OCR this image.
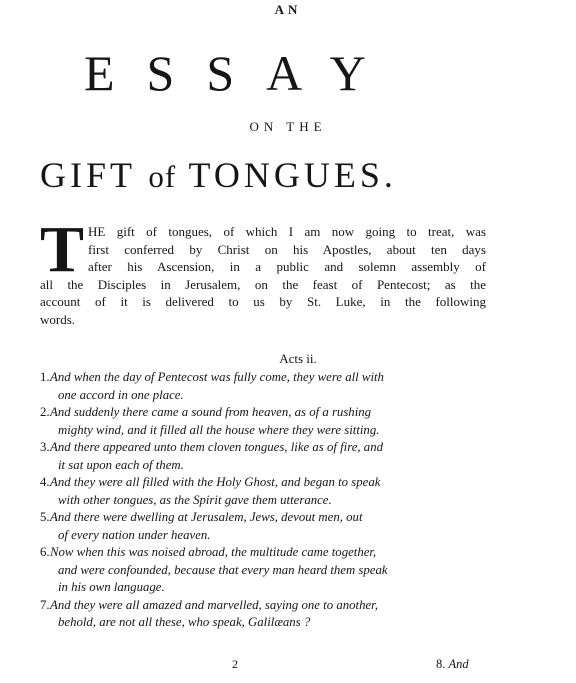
AN
ESSAY
ON THE
GIFT of TONGUES.
T HE gift of tongues, of which I am now going to treat, was
first conferred by Christ on his Apostles, about ten days
after his Ascension, in a public and solemn assembly of
all the Disciples in Jerusalem, on the feast of Pentecost; as the
account of it is delivered to us by St. Luke, in the following
words.
Acts ii.
1. And when the day of Pentecost was fully come, they were all with
one accord in one place.
2. And suddenly there came a sound from heaven, as of a rushing
mighty wind, and it filled all the house where they were sitting.
3. And there appeared unto them cloven tongues, like as of fire, and
it sat upon each of them.
4. And they were all filled with the Holy Ghost, and began to speak
with other tongues, as the Spirit gave them utterance.
5. And there were dwelling at Jerusalem, Jews, devout men, out
of every nation under heaven.
6. Now when this was noised abroad, the multitude came together,
and were confounded, because that every man heard them speak
in his own language.
7. And they were all amazed and marvelled, saying one to another,
behold, are not all these, who speak, Galilæans ?
2	8. And
